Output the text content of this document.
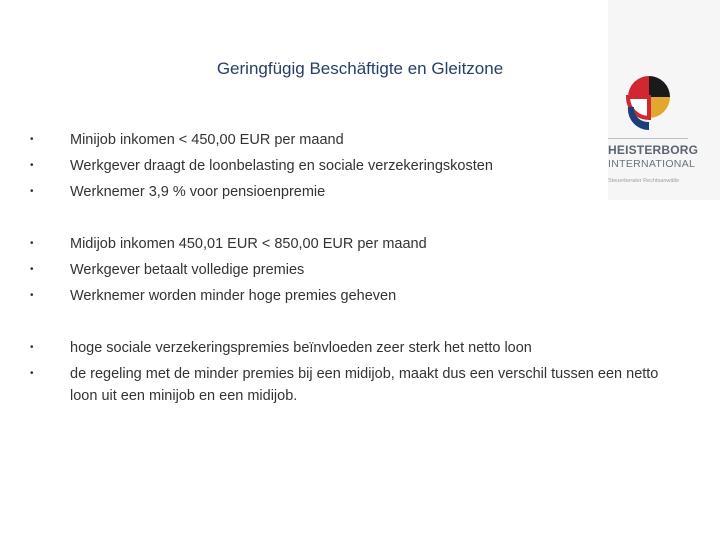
HEISTERBORG
INTERNATIONAL
Steuerberater Rechtsanwälte
Geringfügig Beschäftigte en Gleitzone
•	Minijob inkomen < 450,00 EUR per maand
•	Werkgever draagt de loonbelasting en sociale verzekeringskosten
•	Werknemer 3,9 % voor pensioenpremie
•	Midijob inkomen 450,01 EUR < 850,00 EUR per maand
•	Werkgever betaalt volledige premies
•	Werknemer worden minder hoge premies geheven
•	hoge sociale verzekeringspremies beïnvloeden zeer sterk het netto loon
•	de regeling met de minder premies bij een midijob, maakt dus een verschil tussen een netto loon uit een minijob en een midijob.
